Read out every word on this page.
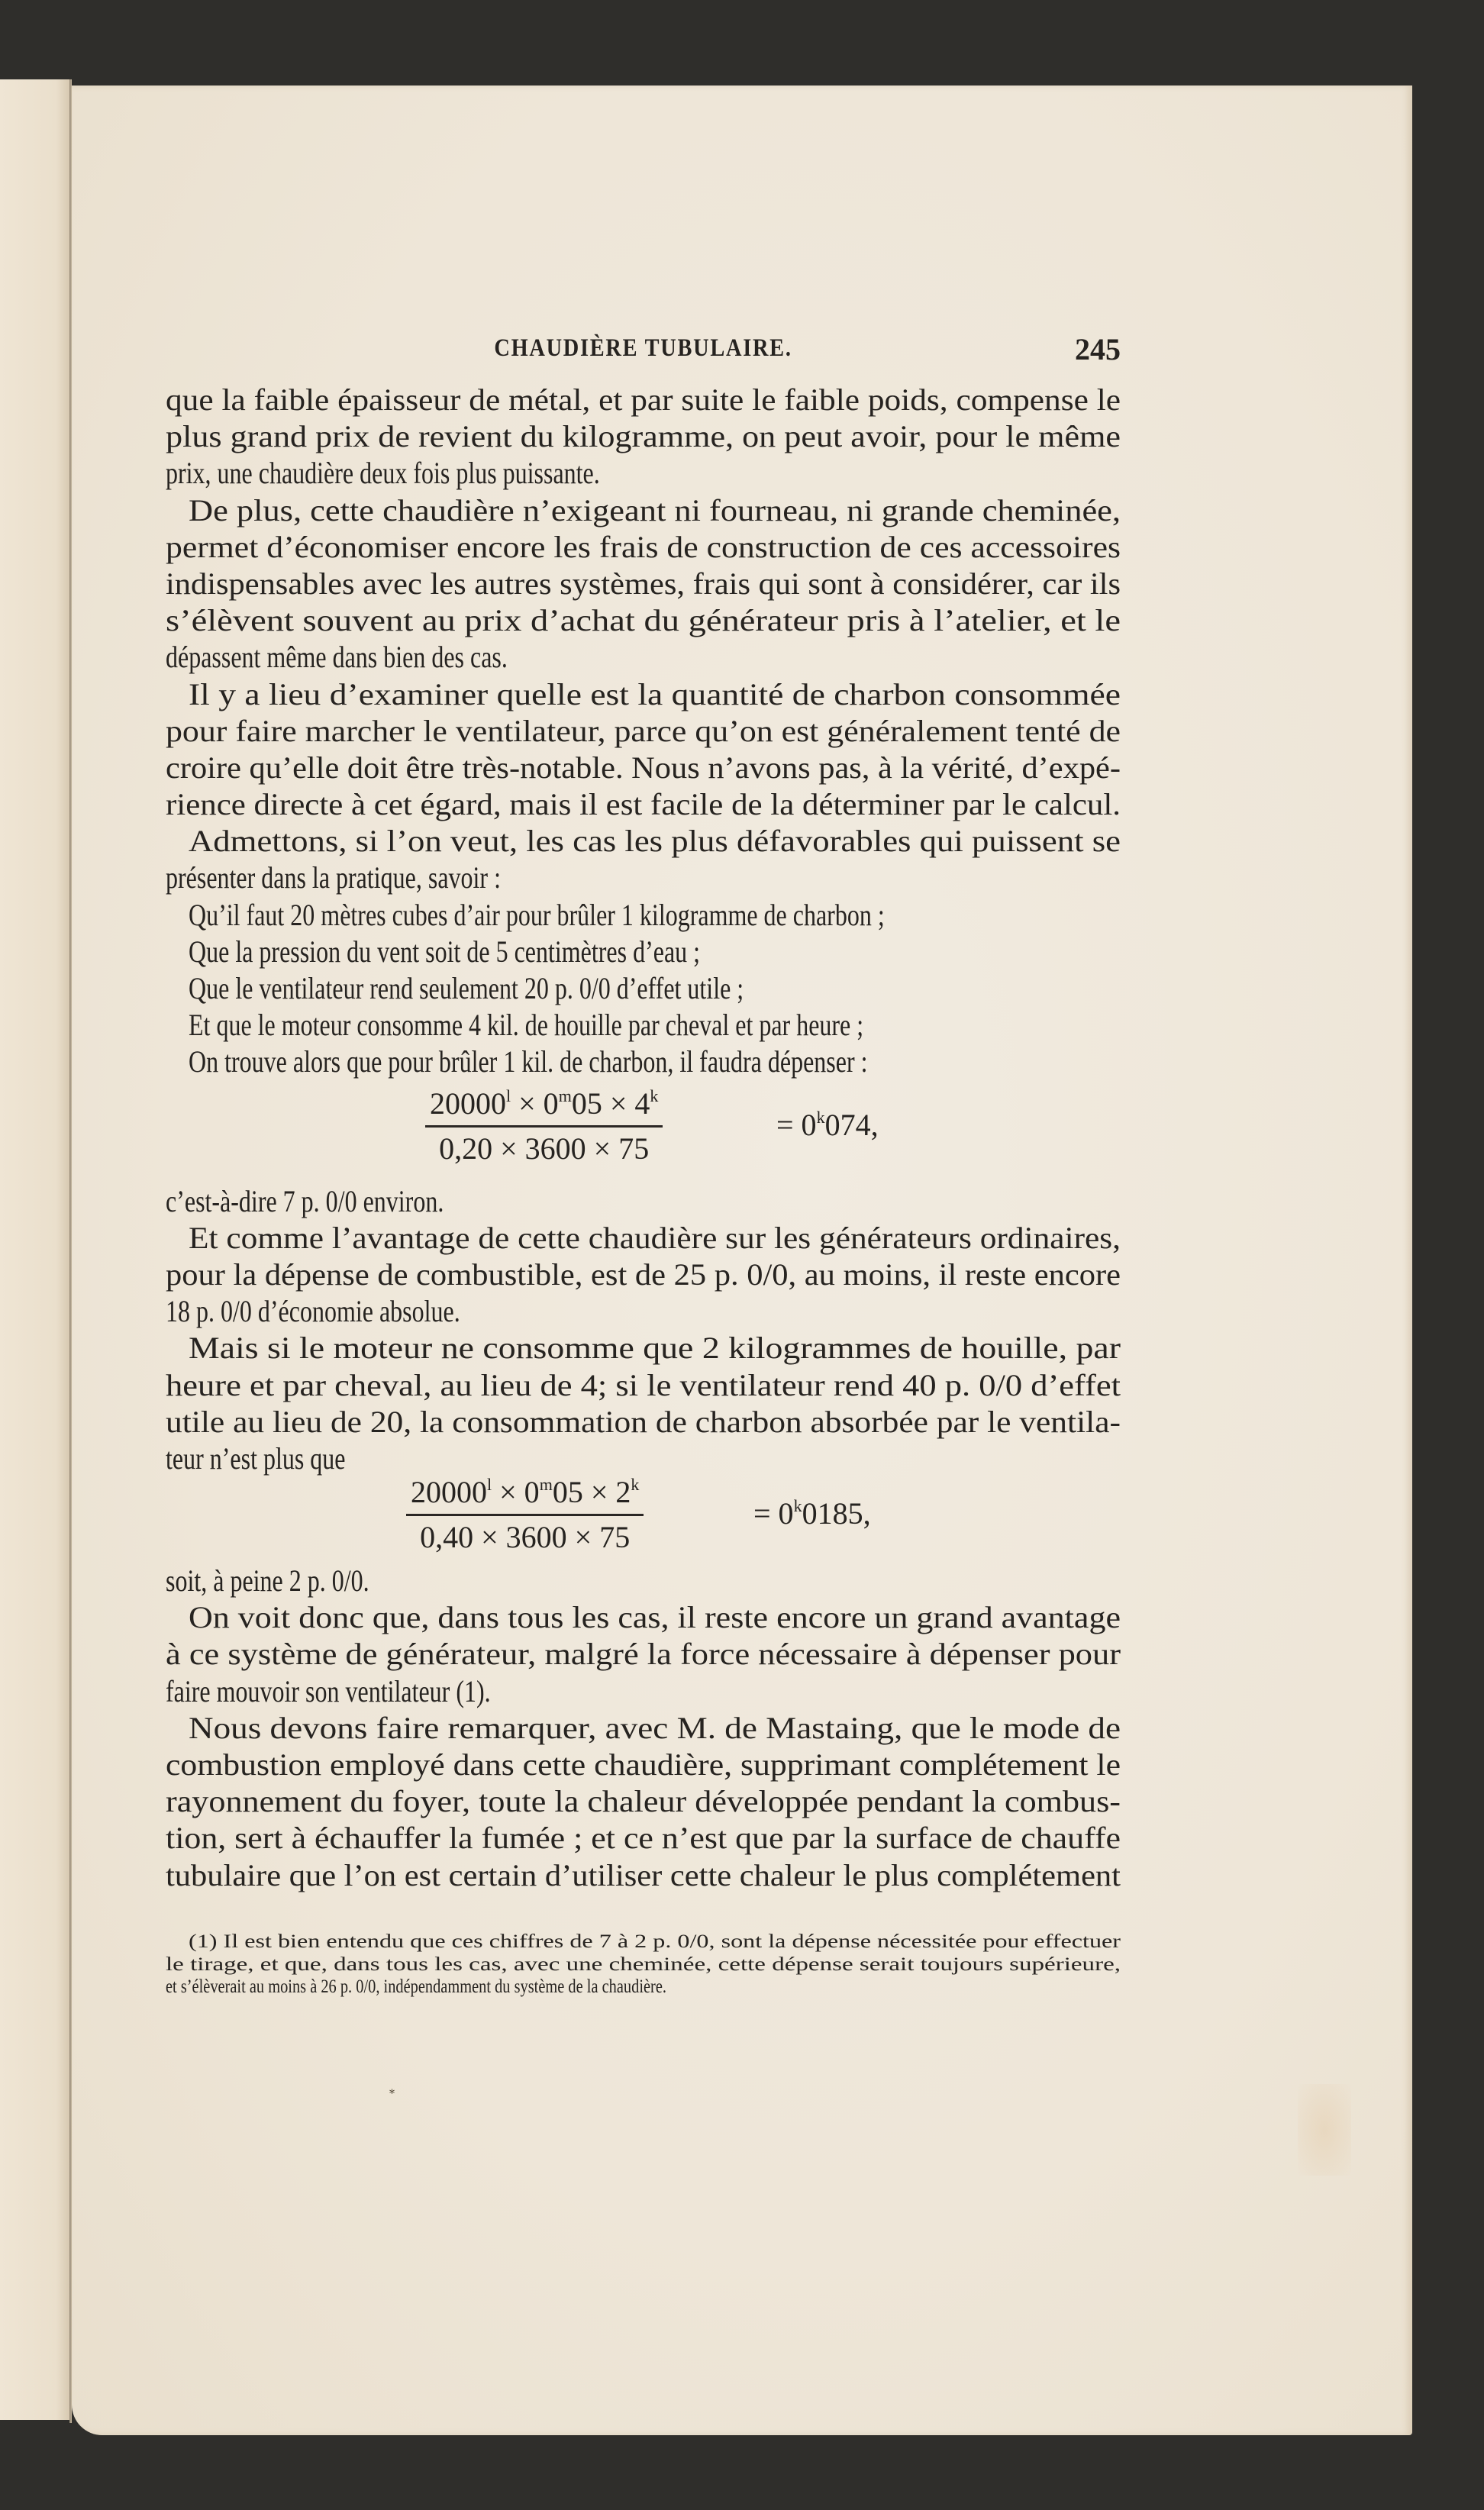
CHAUDIÈRE TUBULAIRE.	245
que la faible épaisseur de métal, et par suite le faible poids, compense le
plus grand prix de revient du kilogramme, on peut avoir, pour le même
prix, une chaudière deux fois plus puissante.
De plus, cette chaudière n’exigeant ni fourneau, ni grande cheminée,
permet d’économiser encore les frais de construction de ces accessoires
indispensables avec les autres systèmes, frais qui sont à considérer, car ils
s’élèvent souvent au prix d’achat du générateur pris à l’atelier, et le
dépassent même dans bien des cas.
Il y a lieu d’examiner quelle est la quantité de charbon consommée
pour faire marcher le ventilateur, parce qu’on est généralement tenté de
croire qu’elle doit être très-notable. Nous n’avons pas, à la vérité, d’expé-
rience directe à cet égard, mais il est facile de la déterminer par le calcul.
Admettons, si l’on veut, les cas les plus défavorables qui puissent se
présenter dans la pratique, savoir :
Qu’il faut 20 mètres cubes d’air pour brûler 1 kilogramme de charbon ;
Que la pression du vent soit de 5 centimètres d’eau ;
Que le ventilateur rend seulement 20 p. 0/0 d’effet utile ;
Et que le moteur consomme 4 kil. de houille par cheval et par heure ;
On trouve alors que pour brûler 1 kil. de charbon, il faudra dépenser :
$20000^l \times 0^m05 \times 4^k$
0,20 × 3600 × 75
= $0^k074$,
c’est-à-dire 7 p. 0/0 environ.
Et comme l’avantage de cette chaudière sur les générateurs ordinaires,
pour la dépense de combustible, est de 25 p. 0/0, au moins, il reste encore
18 p. 0/0 d’économie absolue.
Mais si le moteur ne consomme que 2 kilogrammes de houille, par
heure et par cheval, au lieu de 4; si le ventilateur rend 40 p. 0/0 d’effet
utile au lieu de 20, la consommation de charbon absorbée par le ventila-
teur n’est plus que
$20000^l \times 0^m05 \times 2^k$
0,40 × 3600 × 75
= $0^k0185$,
soit, à peine 2 p. 0/0.
On voit donc que, dans tous les cas, il reste encore un grand avantage
à ce système de générateur, malgré la force nécessaire à dépenser pour
faire mouvoir son ventilateur (1).
Nous devons faire remarquer, avec M. de Mastaing, que le mode de
combustion employé dans cette chaudière, supprimant complétement le
rayonnement du foyer, toute la chaleur développée pendant la combus-
tion, sert à échauffer la fumée ; et ce n’est que par la surface de chauffe
tubulaire que l’on est certain d’utiliser cette chaleur le plus complétement
(1) Il est bien entendu que ces chiffres de 7 à 2 p. 0/0, sont la dépense nécessitée pour effectuer
le tirage, et que, dans tous les cas, avec une cheminée, cette dépense serait toujours supérieure,
et s’élèverait au moins à 26 p. 0/0, indépendamment du système de la chaudière.
*
